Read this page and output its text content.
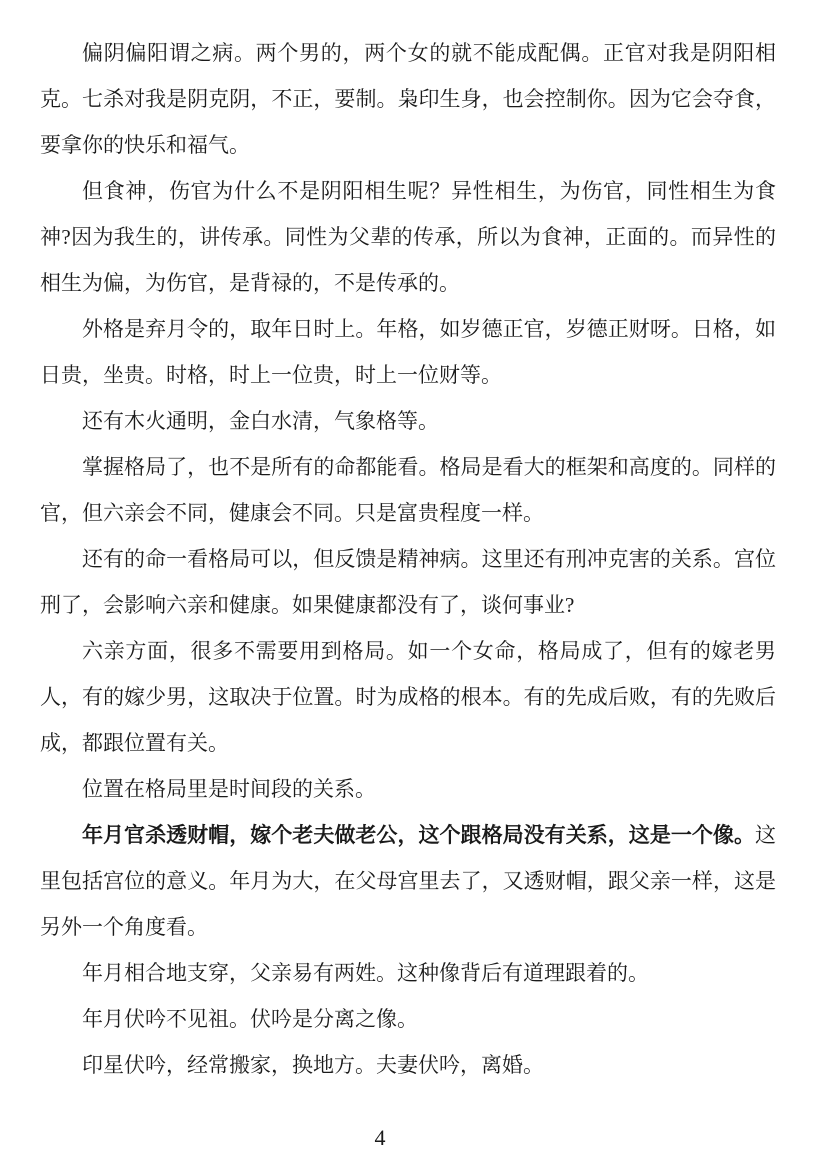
偏阴偏阳谓之病。两个男的，两个女的就不能成配偶。正官对我是阴阳相克。七杀对我是阴克阴，不正，要制。枭印生身，也会控制你。因为它会夺食，要拿你的快乐和福气。

但食神，伤官为什么不是阴阳相生呢？异性相生，为伤官，同性相生为食神?因为我生的，讲传承。同性为父辈的传承，所以为食神，正面的。而异性的相生为偏，为伤官，是背禄的，不是传承的。

外格是弃月令的，取年日时上。年格，如岁德正官，岁德正财呀。日格，如日贵，坐贵。时格，时上一位贵，时上一位财等。

还有木火通明，金白水清，气象格等。

掌握格局了，也不是所有的命都能看。格局是看大的框架和高度的。同样的官，但六亲会不同，健康会不同。只是富贵程度一样。

还有的命一看格局可以，但反馈是精神病。这里还有刑冲克害的关系。宫位刑了，会影响六亲和健康。如果健康都没有了，谈何事业?

六亲方面，很多不需要用到格局。如一个女命，格局成了，但有的嫁老男人，有的嫁少男，这取决于位置。时为成格的根本。有的先成后败，有的先败后成，都跟位置有关。

位置在格局里是时间段的关系。

年月官杀透财帽，嫁个老夫做老公，这个跟格局没有关系，这是一个像。这里包括宫位的意义。年月为大，在父母宫里去了，又透财帽，跟父亲一样，这是另外一个角度看。

年月相合地支穿，父亲易有两姓。这种像背后有道理跟着的。

年月伏吟不见祖。伏吟是分离之像。

印星伏吟，经常搬家，换地方。夫妻伏吟，离婚。

4
